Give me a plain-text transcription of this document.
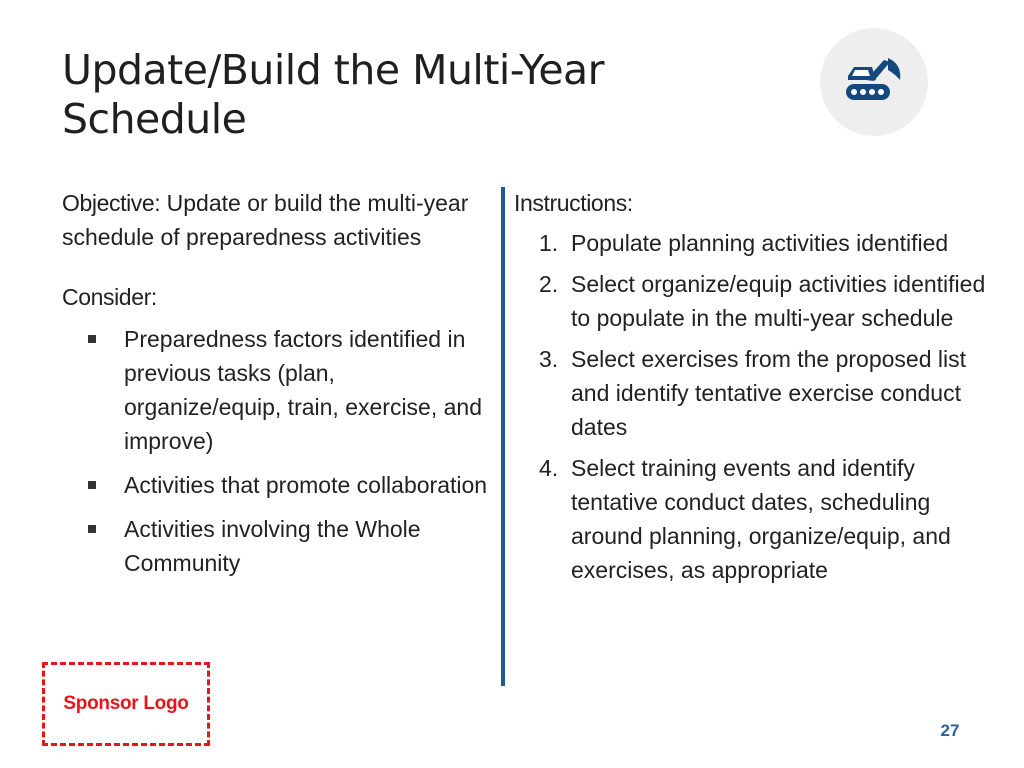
Update/Build the Multi-Year Schedule

Objective: Update or build the multi-year schedule of preparedness activities

Consider:
Preparedness factors identified in previous tasks (plan, organize/equip, train, exercise, and improve)
Activities that promote collaboration
Activities involving the Whole Community
Instructions:
1. Populate planning activities identified
2. Select organize/equip activities identified to populate in the multi-year schedule
3. Select exercises from the proposed list and identify tentative exercise conduct dates
4. Select training events and identify tentative conduct dates, scheduling around planning, organize/equip, and exercises, as appropriate
Sponsor Logo
27
